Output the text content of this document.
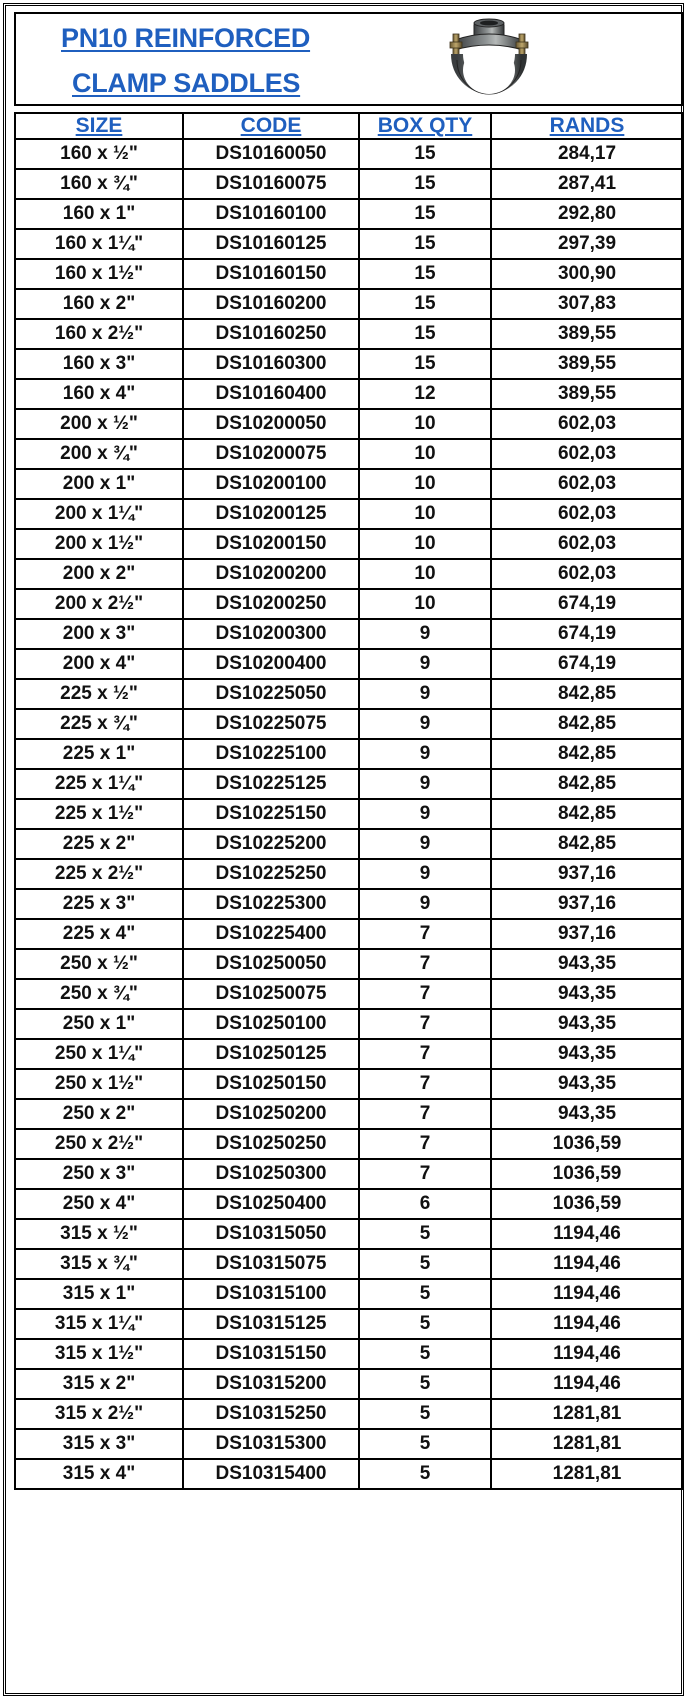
PN10 REINFORCED
CLAMP SADDLES
SIZE	CODE	BOX QTY	RANDS
160 x ½"	DS10160050	15	284,17
160 x ¾"	DS10160075	15	287,41
160 x 1"	DS10160100	15	292,80
160 x 1¼"	DS10160125	15	297,39
160 x 1½"	DS10160150	15	300,90
160 x 2"	DS10160200	15	307,83
160 x 2½"	DS10160250	15	389,55
160 x 3"	DS10160300	15	389,55
160 x 4"	DS10160400	12	389,55
200 x ½"	DS10200050	10	602,03
200 x ¾"	DS10200075	10	602,03
200 x 1"	DS10200100	10	602,03
200 x 1¼"	DS10200125	10	602,03
200 x 1½"	DS10200150	10	602,03
200 x 2"	DS10200200	10	602,03
200 x 2½"	DS10200250	10	674,19
200 x 3"	DS10200300	9	674,19
200 x 4"	DS10200400	9	674,19
225 x ½"	DS10225050	9	842,85
225 x ¾"	DS10225075	9	842,85
225 x 1"	DS10225100	9	842,85
225 x 1¼"	DS10225125	9	842,85
225 x 1½"	DS10225150	9	842,85
225 x 2"	DS10225200	9	842,85
225 x 2½"	DS10225250	9	937,16
225 x 3"	DS10225300	9	937,16
225 x 4"	DS10225400	7	937,16
250 x ½"	DS10250050	7	943,35
250 x ¾"	DS10250075	7	943,35
250 x 1"	DS10250100	7	943,35
250 x 1¼"	DS10250125	7	943,35
250 x 1½"	DS10250150	7	943,35
250 x 2"	DS10250200	7	943,35
250 x 2½"	DS10250250	7	1036,59
250 x 3"	DS10250300	7	1036,59
250 x 4"	DS10250400	6	1036,59
315 x ½"	DS10315050	5	1194,46
315 x ¾"	DS10315075	5	1194,46
315 x 1"	DS10315100	5	1194,46
315 x 1¼"	DS10315125	5	1194,46
315 x 1½"	DS10315150	5	1194,46
315 x 2"	DS10315200	5	1194,46
315 x 2½"	DS10315250	5	1281,81
315 x 3"	DS10315300	5	1281,81
315 x 4"	DS10315400	5	1281,81
